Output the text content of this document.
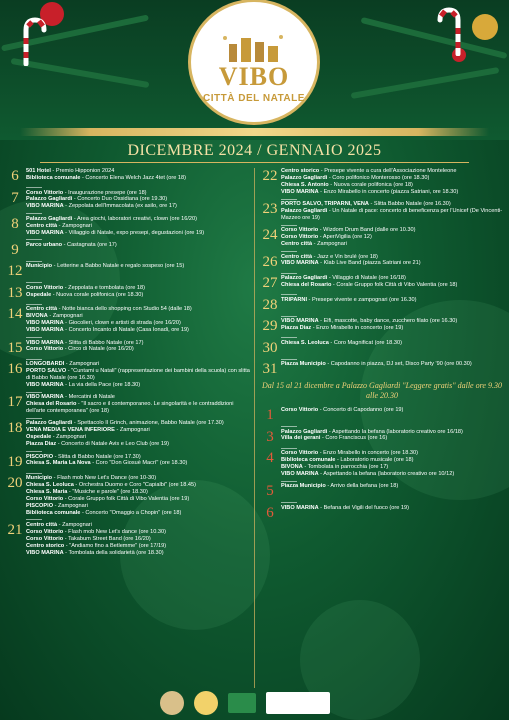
VIBO
CITTÀ DEL NATALE
DICEMBRE 2024 / GENNAIO 2025
6	501 Hotel - Premio Hipponion 2024
Biblioteca comunale - Concerto Elena Welch Jazz 4tet (ore 18)
7	Corso Vittorio - Inaugurazione presepe (ore 18)
Palazzo Gagliardi - Concerto Duo Ossidiana (ore 19.30)
VIBO MARINA - Zeppolata dell'Immacolata (ex asilo, ore 17)
8	Palazzo Gagliardi - Area giochi, laboratori creativi, clown (ore 16/20)
Centro città - Zampognari
VIBO MARINA - Villaggio di Natale, expo presepi, degustazioni (ore 19)
9	Parco urbano - Castagnata (ore 17)
12 Municipio - Letterine a Babbo Natale e regalo sospeso (ore 15)
13 Corso Vittorio - Zeppolata e tombolata (ore 18)
Ospedale - Nuova corale polifonica (ore 18.30)
14 Centro città - Notte bianca dello shopping con Studio 54 (dalle 18)
BIVONA - Zampognari
VIBO MARINA - Giocolieri, clown e artisti di strada (ore 16/20)
VIBO MARINA - Concerto Incanto di Natale (Casa Ionadi, ore 19)
15 VIBO MARINA - Slitta di Babbo Natale (ore 17)
Corso Vittorio - Circo di Natale (ore 16/20)
16 LONGOBARDI - Zampognari
PORTO SALVO - "Cuntami u Natali" (rappresentazione dei bambini della scuola) con slitta di Babbo Natale (ore 16.30)
VIBO MARINA - La via della Pace (ore 18.30)
17 VIBO MARINA - Mercatini di Natale
Chiesa del Rosario - "Il sacro e il contemporaneo. Le singolarità e le contraddizioni dell'arte contemporanea" (ore 18)
18 Palazzo Gagliardi - Spettacolo Il Grinch, animazione, Babbo Natale (ore 17.30)
VENA MEDIA E VENA INFERIORE - Zampognari
Ospedale - Zampognari
Piazza Diaz - Concerto di Natale Avis e Leo Club (ore 19)
19 PISCOPIO - Slitta di Babbo Natale (ore 17.30)
Chiesa S. Maria La Nova - Coro "Don Giosuè Macrì" (ore 18.30)
20 Municipio - Flash mob New Let's Dance (ore 10-30)
Chiesa S. Leoluca - Orchestra Duomo e Coro "Capialbi" (ore 18.45)
Chiesa S. Maria - "Musiche e parole" (ore 18.30)
Corso Vittorio - Corale Gruppo folk Città di Vibo Valentia (ore 19)
PISCOPIO - Zampognari
Biblioteca comunale - Concerto "Omaggio a Chopin" (ore 18)
21 Centro città - Zampognari
Corso Vittorio - Flash mob New Let's dance (ore 10.30)
Corso Vittorio - Takabum Street Band (ore 16/20)
Centro storico - "Andiamo fino a Betlemme" (ore 17/19)
VIBO MARINA - Tombolata della solidarietà (ore 18.30)
22 Centro storico - Presepe vivente a cura dell'Associazione Monteleone
Palazzo Gagliardi - Coro polifonico Monterosso (ore 18.30)
Chiesa S. Antonio - Nuova corale polifonica (ore 18)
VIBO MARINA - Enzo Mirabello in concerto (piazza Satriani, ore 18.30)
23 PORTO SALVO, TRIPARNI, VENA - Slitta Babbo Natale (ore 16.30)
Palazzo Gagliardi - Un Natale di pace: concerto di beneficenza per l'Unicef (De Vincenti-Mazzeo ore 19)
24 Corso Vittorio - Wizdom Drum Band (dalle ore 10.30)
Corso Vittorio - AperiVigilia (ore 12)
Centro città - Zampognari
26 Centro città - Jazz e Vin brulé (ore 18)
VIBO MARINA - Klab Live Band (piazza Satriani ore 21)
27 Palazzo Gagliardi - Villaggio di Natale (ore 16/18)
Chiesa del Rosario - Corale Gruppo folk Città di Vibo Valentia (ore 18)
28 TRIPARNI - Presepe vivente e zampognari (ore 16.30)
29 VIBO MARINA - Elfi, mascotte, baby dance, zucchero filato (ore 16.30)
Piazza Diaz - Enzo Mirabello in concerto (ore 19)
30 Chiesa S. Leoluca - Coro Magnificat (ore 18.30)
31 Piazza Municipio - Capodanno in piazza, DJ set, Disco Party '90 (ore 00.30)
Dal 15 al 21 dicembre a Palazzo Gagliardi "Leggere gratis" dalle ore 9.30 alle 20.30
1	Corso Vittorio - Concerto di Capodanno (ore 19)
3	Palazzo Gagliardi - Aspettando la befana (laboratorio creativo ore 16/18)
Villa dei gerani - Coro Franciscus (ore 16)
4	Corso Vittorio - Enzo Mirabello in concerto (ore 18.30)
Biblioteca comunale - Laboratorio musicale (ore 18)
BIVONA - Tombolata in parrocchia (ore 17)
VIBO MARINA - Aspettando la befana (laboratorio creativo ore 10/12)
5	Piazza Municipio - Arrivo della befana (ore 18)
6	VIBO MARINA - Befana dei Vigili del fuoco (ore 19)
